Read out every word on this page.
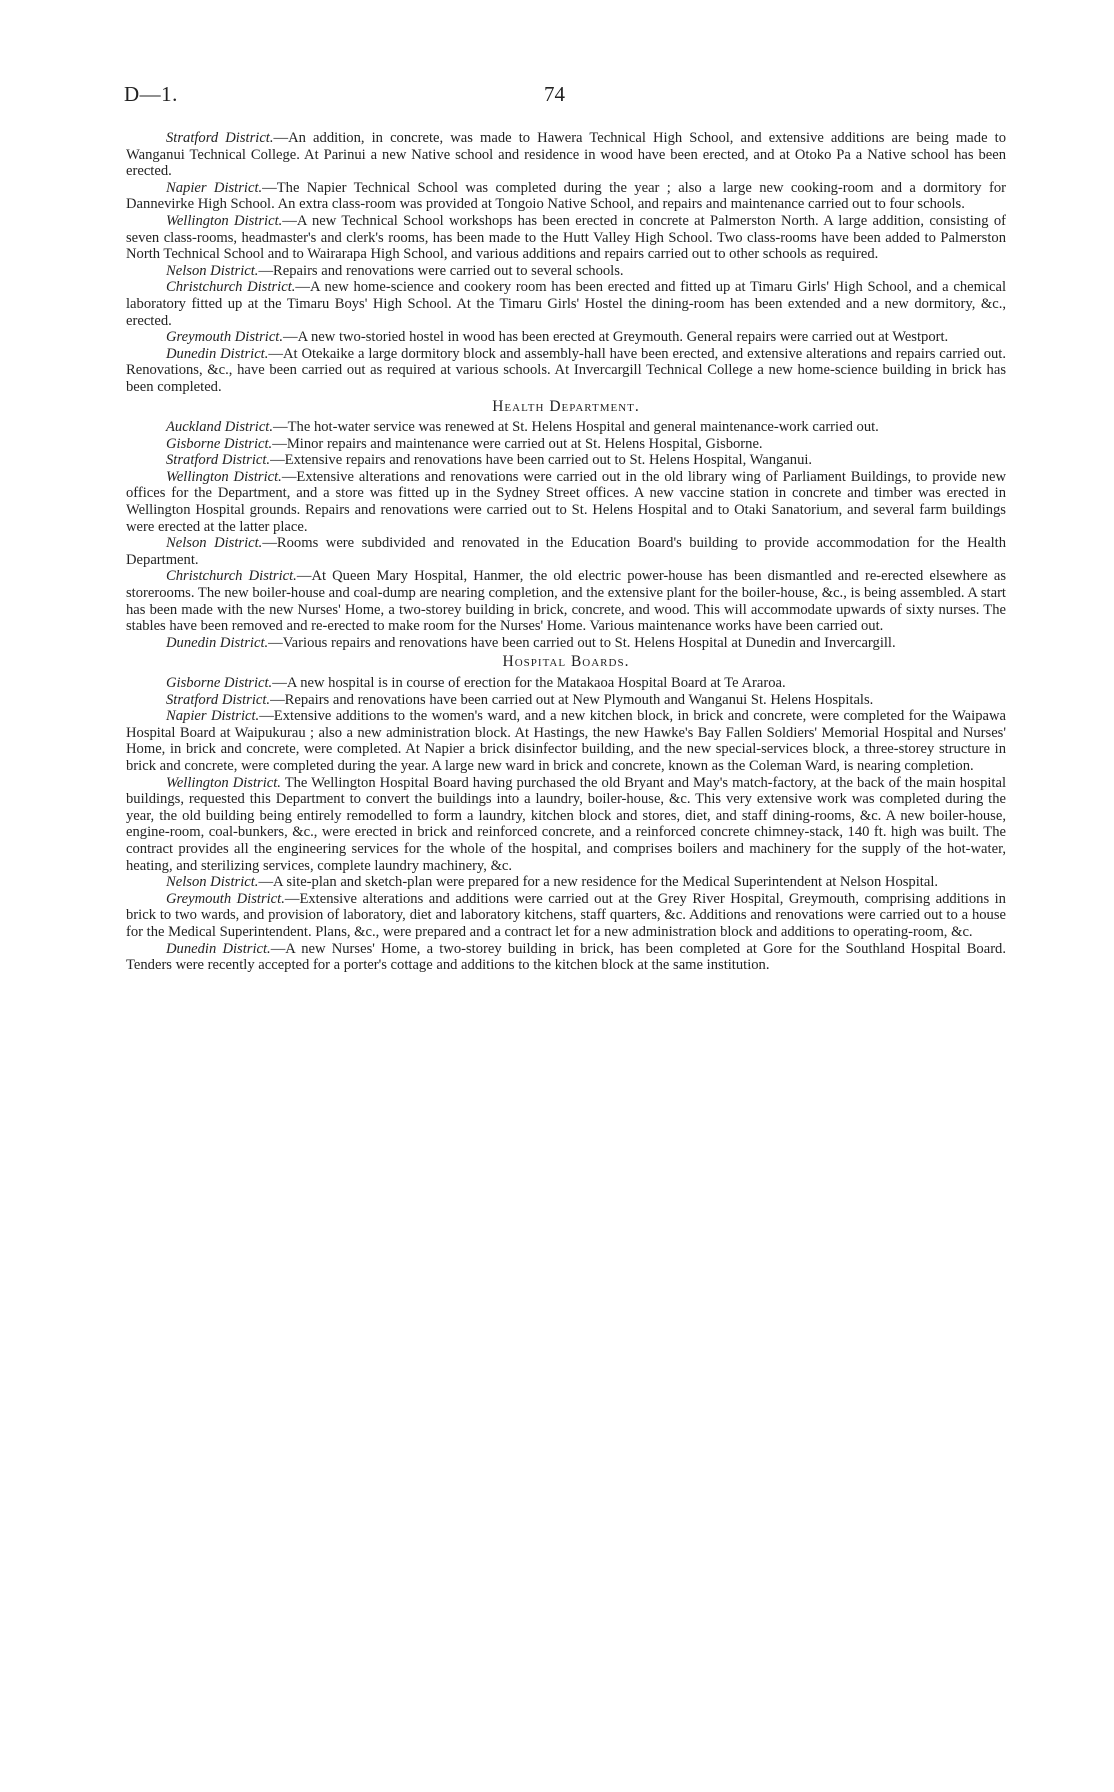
D—1.	74

Stratford District.—An addition, in concrete, was made to Hawera Technical High School, and extensive additions are being made to Wanganui Technical College. At Parinui a new Native school and residence in wood have been erected, and at Otoko Pa a Native school has been erected.

Napier District.—The Napier Technical School was completed during the year ; also a large new cooking-room and a dormitory for Dannevirke High School. An extra class-room was provided at Tongoio Native School, and repairs and maintenance carried out to four schools.

Wellington District.—A new Technical School workshops has been erected in concrete at Palmerston North. A large addition, consisting of seven class-rooms, headmaster's and clerk's rooms, has been made to the Hutt Valley High School. Two class-rooms have been added to Palmerston North Technical School and to Wairarapa High School, and various additions and repairs carried out to other schools as required.

Nelson District.—Repairs and renovations were carried out to several schools.

Christchurch District.—A new home-science and cookery room has been erected and fitted up at Timaru Girls' High School, and a chemical laboratory fitted up at the Timaru Boys' High School. At the Timaru Girls' Hostel the dining-room has been extended and a new dormitory, &c., erected.

Greymouth District.—A new two-storied hostel in wood has been erected at Greymouth. General repairs were carried out at Westport.

Dunedin District.—At Otekaike a large dormitory block and assembly-hall have been erected, and extensive alterations and repairs carried out. Renovations, &c., have been carried out as required at various schools. At Invercargill Technical College a new home-science building in brick has been completed.

Health Department.

Auckland District.—The hot-water service was renewed at St. Helens Hospital and general maintenance-work carried out.

Gisborne District.—Minor repairs and maintenance were carried out at St. Helens Hospital, Gisborne.

Stratford District.—Extensive repairs and renovations have been carried out to St. Helens Hospital, Wanganui.

Wellington District.—Extensive alterations and renovations were carried out in the old library wing of Parliament Buildings, to provide new offices for the Department, and a store was fitted up in the Sydney Street offices. A new vaccine station in concrete and timber was erected in Wellington Hospital grounds. Repairs and renovations were carried out to St. Helens Hospital and to Otaki Sanatorium, and several farm buildings were erected at the latter place.

Nelson District.—Rooms were subdivided and renovated in the Education Board's building to provide accommodation for the Health Department.

Christchurch District.—At Queen Mary Hospital, Hanmer, the old electric power-house has been dismantled and re-erected elsewhere as storerooms. The new boiler-house and coal-dump are nearing completion, and the extensive plant for the boiler-house, &c., is being assembled. A start has been made with the new Nurses' Home, a two-storey building in brick, concrete, and wood. This will accommodate upwards of sixty nurses. The stables have been removed and re-erected to make room for the Nurses' Home. Various maintenance works have been carried out.

Dunedin District.—Various repairs and renovations have been carried out to St. Helens Hospital at Dunedin and Invercargill.

Hospital Boards.

Gisborne District.—A new hospital is in course of erection for the Matakaoa Hospital Board at Te Araroa.

Stratford District.—Repairs and renovations have been carried out at New Plymouth and Wanganui St. Helens Hospitals.

Napier District.—Extensive additions to the women's ward, and a new kitchen block, in brick and concrete, were completed for the Waipawa Hospital Board at Waipukurau ; also a new administration block. At Hastings, the new Hawke's Bay Fallen Soldiers' Memorial Hospital and Nurses' Home, in brick and concrete, were completed. At Napier a brick disinfector building, and the new special-services block, a three-storey structure in brick and concrete, were completed during the year. A large new ward in brick and concrete, known as the Coleman Ward, is nearing completion.

Wellington District. The Wellington Hospital Board having purchased the old Bryant and May's match-factory, at the back of the main hospital buildings, requested this Department to convert the buildings into a laundry, boiler-house, &c. This very extensive work was completed during the year, the old building being entirely remodelled to form a laundry, kitchen block and stores, diet, and staff dining-rooms, &c. A new boiler-house, engine-room, coal-bunkers, &c., were erected in brick and reinforced concrete, and a reinforced concrete chimney-stack, 140 ft. high was built. The contract provides all the engineering services for the whole of the hospital, and comprises boilers and machinery for the supply of the hot-water, heating, and sterilizing services, complete laundry machinery, &c.

Nelson District.—A site-plan and sketch-plan were prepared for a new residence for the Medical Superintendent at Nelson Hospital.

Greymouth District.—Extensive alterations and additions were carried out at the Grey River Hospital, Greymouth, comprising additions in brick to two wards, and provision of laboratory, diet and laboratory kitchens, staff quarters, &c. Additions and renovations were carried out to a house for the Medical Superintendent. Plans, &c., were prepared and a contract let for a new administration block and additions to operating-room, &c.

Dunedin District.—A new Nurses' Home, a two-storey building in brick, has been completed at Gore for the Southland Hospital Board. Tenders were recently accepted for a porter's cottage and additions to the kitchen block at the same institution.
